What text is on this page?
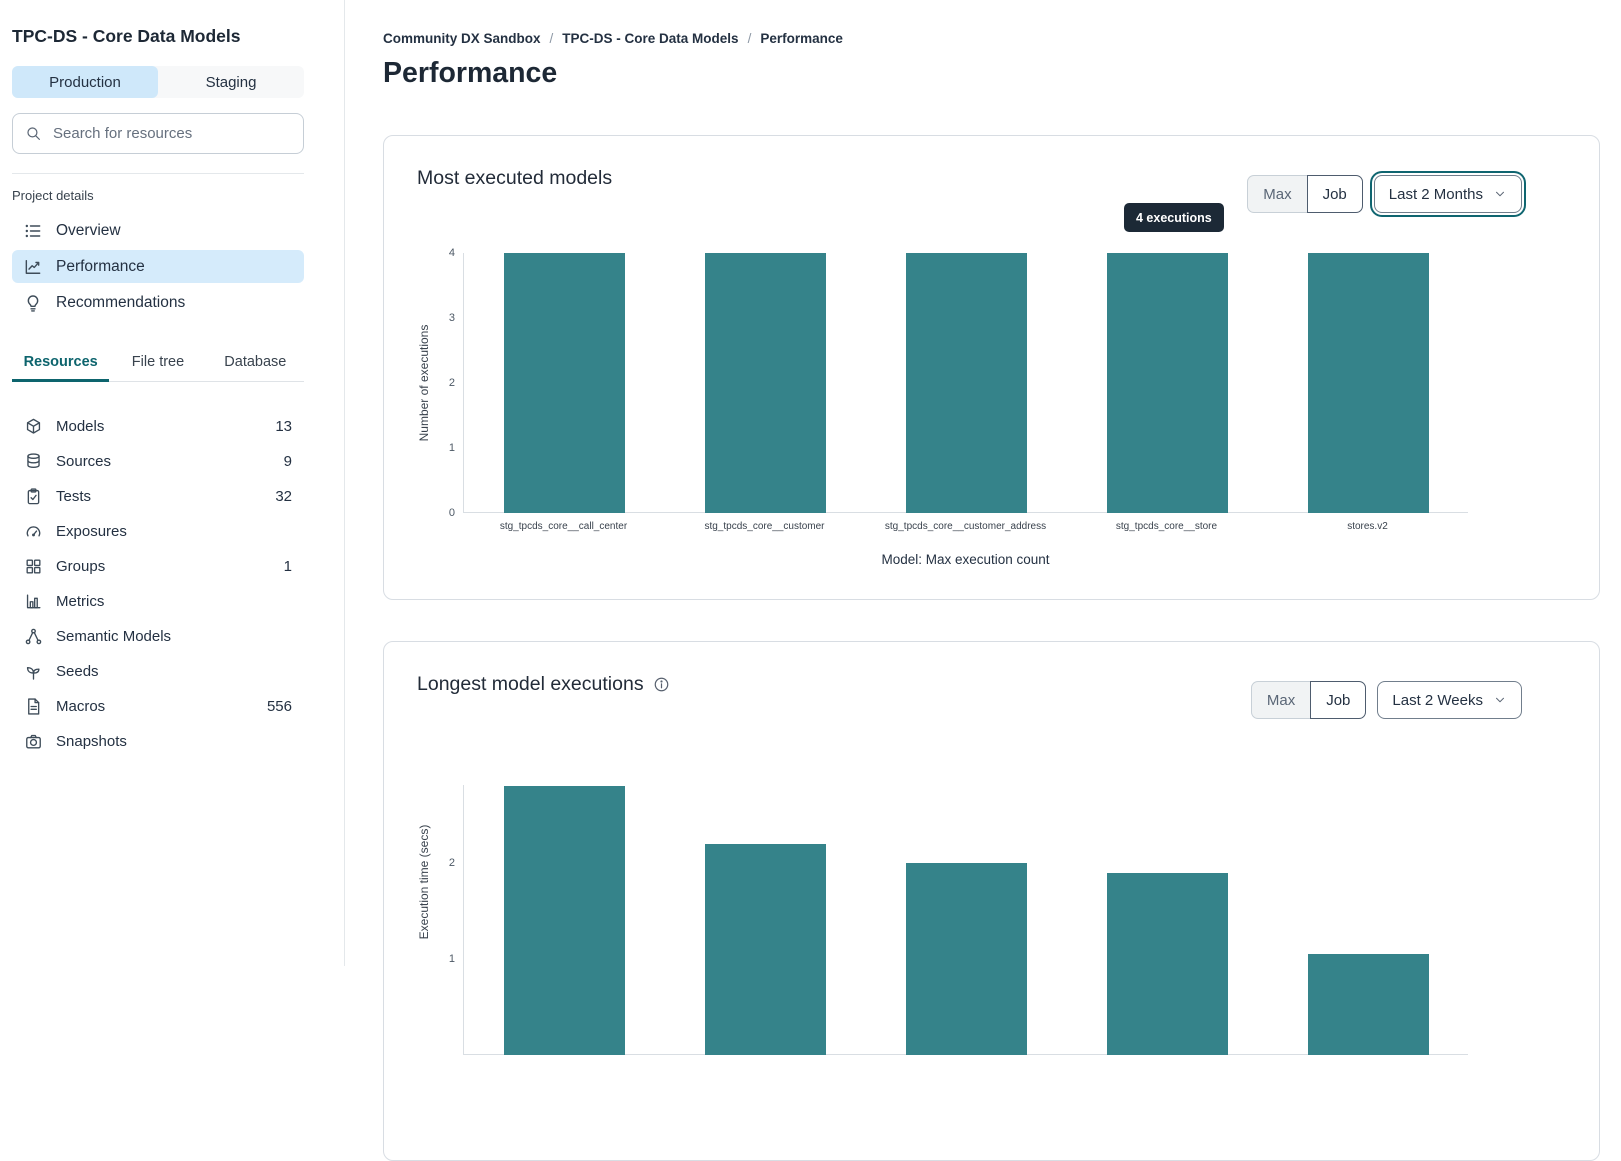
TPC-DS - Core Data Models
Production	Staging
Search for resources
Project details
Overview
Performance
Recommendations
Resources	File tree	Database
Models	13
Sources	9
Tests	32
Exposures
Groups	1
Metrics
Semantic Models
Seeds
Macros	556
Snapshots
Community DX Sandbox / TPC-DS - Core Data Models / Performance
Performance
Most executed models
Max	Job	Last 2 Months
4 executions
Number of executions
Model: Max execution count
0
1
2
3
4
stg_tpcds_core__call_center	stg_tpcds_core__customer	stg_tpcds_core__customer_address	stg_tpcds_core__store	stores.v2
Longest model executions
Max	Job	Last 2 Weeks
Execution time (secs)
1
2
